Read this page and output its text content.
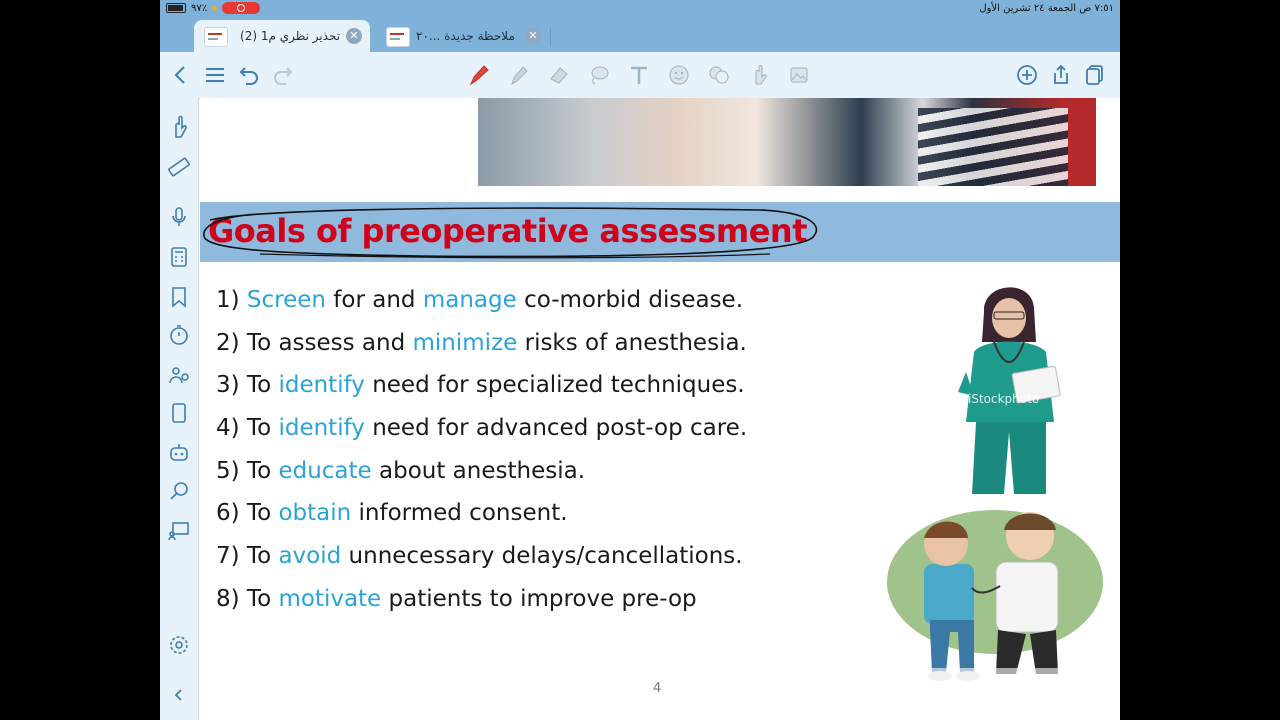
٩٧٪	٧:٥١ ص الجمعة ٢٤ تشرين الأول
✕
تحذير نظري م1 (2)	ملاحظة جديدة ...٢٠	✕
Goals of preoperative assessment
1) Screen for and manage co-morbid disease.
2) To assess and minimize risks of anesthesia.
3) To identify need for specialized techniques.
4) To identify need for advanced post-op care.
5) To educate about anesthesia.
6) To obtain informed consent.
7) To avoid unnecessary delays/cancellations.
8) To motivate patients to improve pre-op
iStockphoto
4
